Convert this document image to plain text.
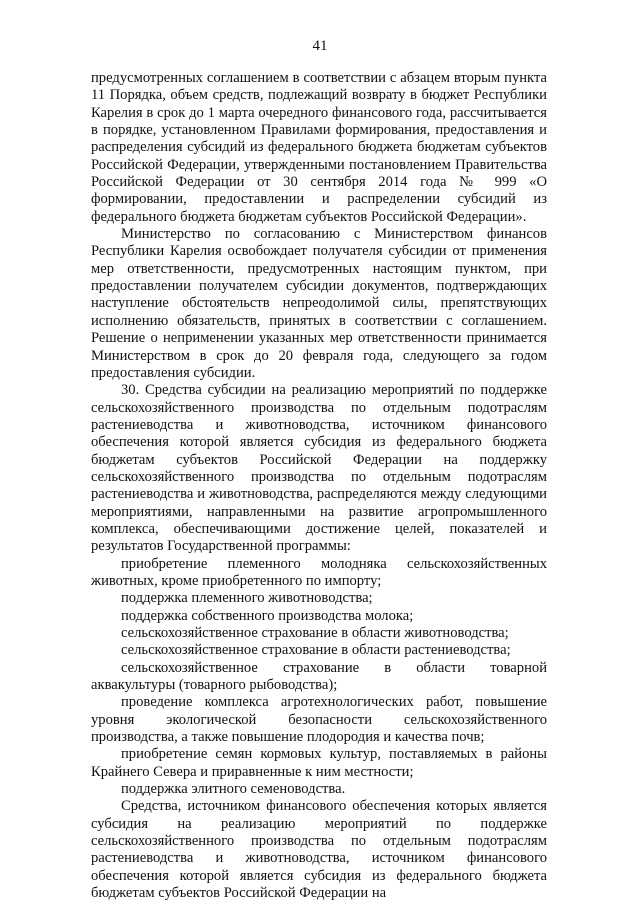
41

предусмотренных соглашением в соответствии с абзацем вторым пункта 11 Порядка, объем средств, подлежащий возврату в бюджет Республики Карелия в срок до 1 марта очередного финансового года, рассчитывается в порядке, установленном Правилами формирования, предоставления и распределения субсидий из федерального бюджета бюджетам субъектов Российской Федерации, утвержденными постановлением Правительства Российской Федерации от 30 сентября 2014 года № 999 «О формировании, предоставлении и распределении субсидий из федерального бюджета бюджетам субъектов Российской Федерации».

Министерство по согласованию с Министерством финансов Республики Карелия освобождает получателя субсидии от применения мер ответственности, предусмотренных настоящим пунктом, при предоставлении получателем субсидии документов, подтверждающих наступление обстоятельств непреодолимой силы, препятствующих исполнению обязательств, принятых в соответствии с соглашением. Решение о неприменении указанных мер ответственности принимается Министерством в срок до 20 февраля года, следующего за годом предоставления субсидии.

30. Средства субсидии на реализацию мероприятий по поддержке сельскохозяйственного производства по отдельным подотраслям растениеводства и животноводства, источником финансового обеспечения которой является субсидия из федерального бюджета бюджетам субъектов Российской Федерации на поддержку сельскохозяйственного производства по отдельным подотраслям растениеводства и животноводства, распределяются между следующими мероприятиями, направленными на развитие агропромышленного комплекса, обеспечивающими достижение целей, показателей и результатов Государственной программы:

приобретение племенного молодняка сельскохозяйственных животных, кроме приобретенного по импорту;

поддержка племенного животноводства;

поддержка собственного производства молока;

сельскохозяйственное страхование в области животноводства;

сельскохозяйственное страхование в области растениеводства;

сельскохозяйственное страхование в области товарной аквакультуры (товарного рыбоводства);

проведение комплекса агротехнологических работ, повышение уровня экологической безопасности сельскохозяйственного производства, а также повышение плодородия и качества почв;

приобретение семян кормовых культур, поставляемых в районы Крайнего Севера и приравненные к ним местности;

поддержка элитного семеноводства.

Средства, источником финансового обеспечения которых является субсидия на реализацию мероприятий по поддержке сельскохозяйственного производства по отдельным подотраслям растениеводства и животноводства, источником финансового обеспечения которой является субсидия из федерального бюджета бюджетам субъектов Российской Федерации на
